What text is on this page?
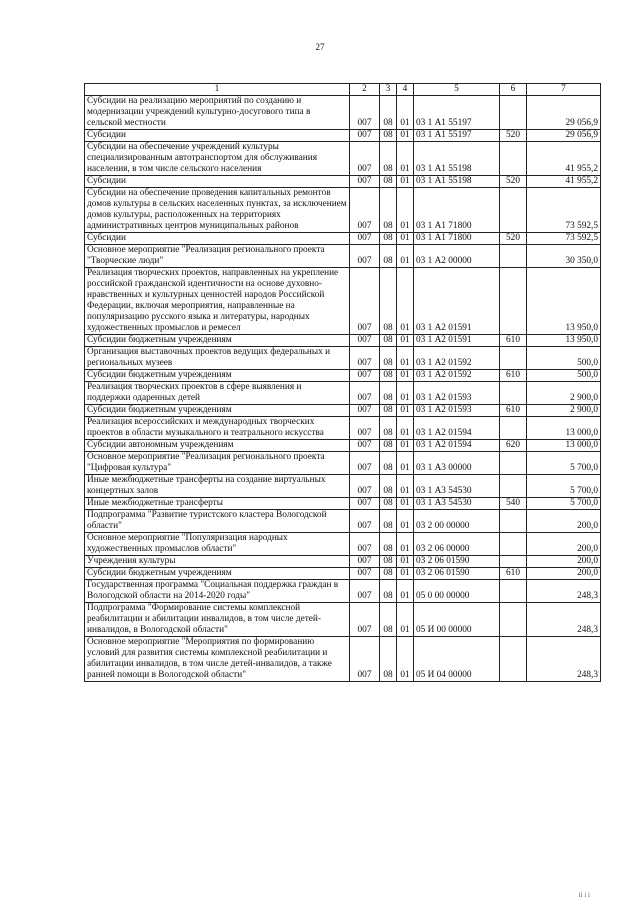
27
1	2	3	4	5	6	7
Субсидии на реализацию мероприятий по созданию и модернизации учреждений культурно-досугового типа в сельской местности	007	08	01	03 1 А1 55197		29 056,9
Субсидии	007	08	01	03 1 А1 55197	520	29 056,9
Субсидии на обеспечение учреждений культуры специализированным автотранспортом для обслуживания населения, в том числе сельского населения	007	08	01	03 1 А1 55198		41 955,2
Субсидии	007	08	01	03 1 А1 55198	520	41 955,2
Субсидии на обеспечение проведения капитальных ремонтов домов культуры в сельских населенных пунктах, за исключением домов культуры, расположенных на территориях административных центров муниципальных районов	007	08	01	03 1 А1 71800		73 592,5
Субсидии	007	08	01	03 1 А1 71800	520	73 592,5
Основное мероприятие "Реализация регионального проекта "Творческие люди"	007	08	01	03 1 А2 00000		30 350,0
Реализация творческих проектов, направленных на укрепление российской гражданской идентичности на основе духовно-нравственных и культурных ценностей народов Российской Федерации, включая мероприятия, направленные на популяризацию русского языка и литературы, народных художественных промыслов и ремесел	007	08	01	03 1 А2 01591		13 950,0
Субсидии бюджетным учреждениям	007	08	01	03 1 А2 01591	610	13 950,0
Организация выставочных проектов ведущих федеральных и региональных музеев	007	08	01	03 1 А2 01592		500,0
Субсидии бюджетным учреждениям	007	08	01	03 1 А2 01592	610	500,0
Реализация творческих проектов в сфере выявления и поддержки одаренных детей	007	08	01	03 1 А2 01593		2 900,0
Субсидии бюджетным учреждениям	007	08	01	03 1 А2 01593	610	2 900,0
Реализация всероссийских и международных творческих проектов в области музыкального и театрального искусства	007	08	01	03 1 А2 01594		13 000,0
Субсидии автономным учреждениям	007	08	01	03 1 А2 01594	620	13 000,0
Основное мероприятие "Реализация регионального проекта "Цифровая культура"	007	08	01	03 1 А3 00000		5 700,0
Иные межбюджетные трансферты на создание виртуальных концертных залов	007	08	01	03 1 А3 54530		5 700,0
Иные межбюджетные трансферты	007	08	01	03 1 А3 54530	540	5 700,0
Подпрограмма "Развитие туристского кластера Вологодской области"	007	08	01	03 2 00 00000		200,0
Основное мероприятие "Популяризация народных художественных промыслов области"	007	08	01	03 2 06 00000		200,0
Учреждения культуры	007	08	01	03 2 06 01590		200,0
Субсидии бюджетным учреждениям	007	08	01	03 2 06 01590	610	200,0
Государственная программа "Социальная поддержка граждан в Вологодской области на 2014-2020 годы"	007	08	01	05 0 00 00000		248,3
Подпрограмма "Формирование системы комплексной реабилитации и абилитации инвалидов, в том числе детей-инвалидов, в Вологодской области"	007	08	01	05 И 00 00000		248,3
Основное мероприятие "Мероприятия по формированию условий для развития системы комплексной реабилитации и абилитации инвалидов, в том числе детей-инвалидов, а также ранней помощи в Вологодской области"	007	08	01	05 И 04 00000		248,3
ii i i
